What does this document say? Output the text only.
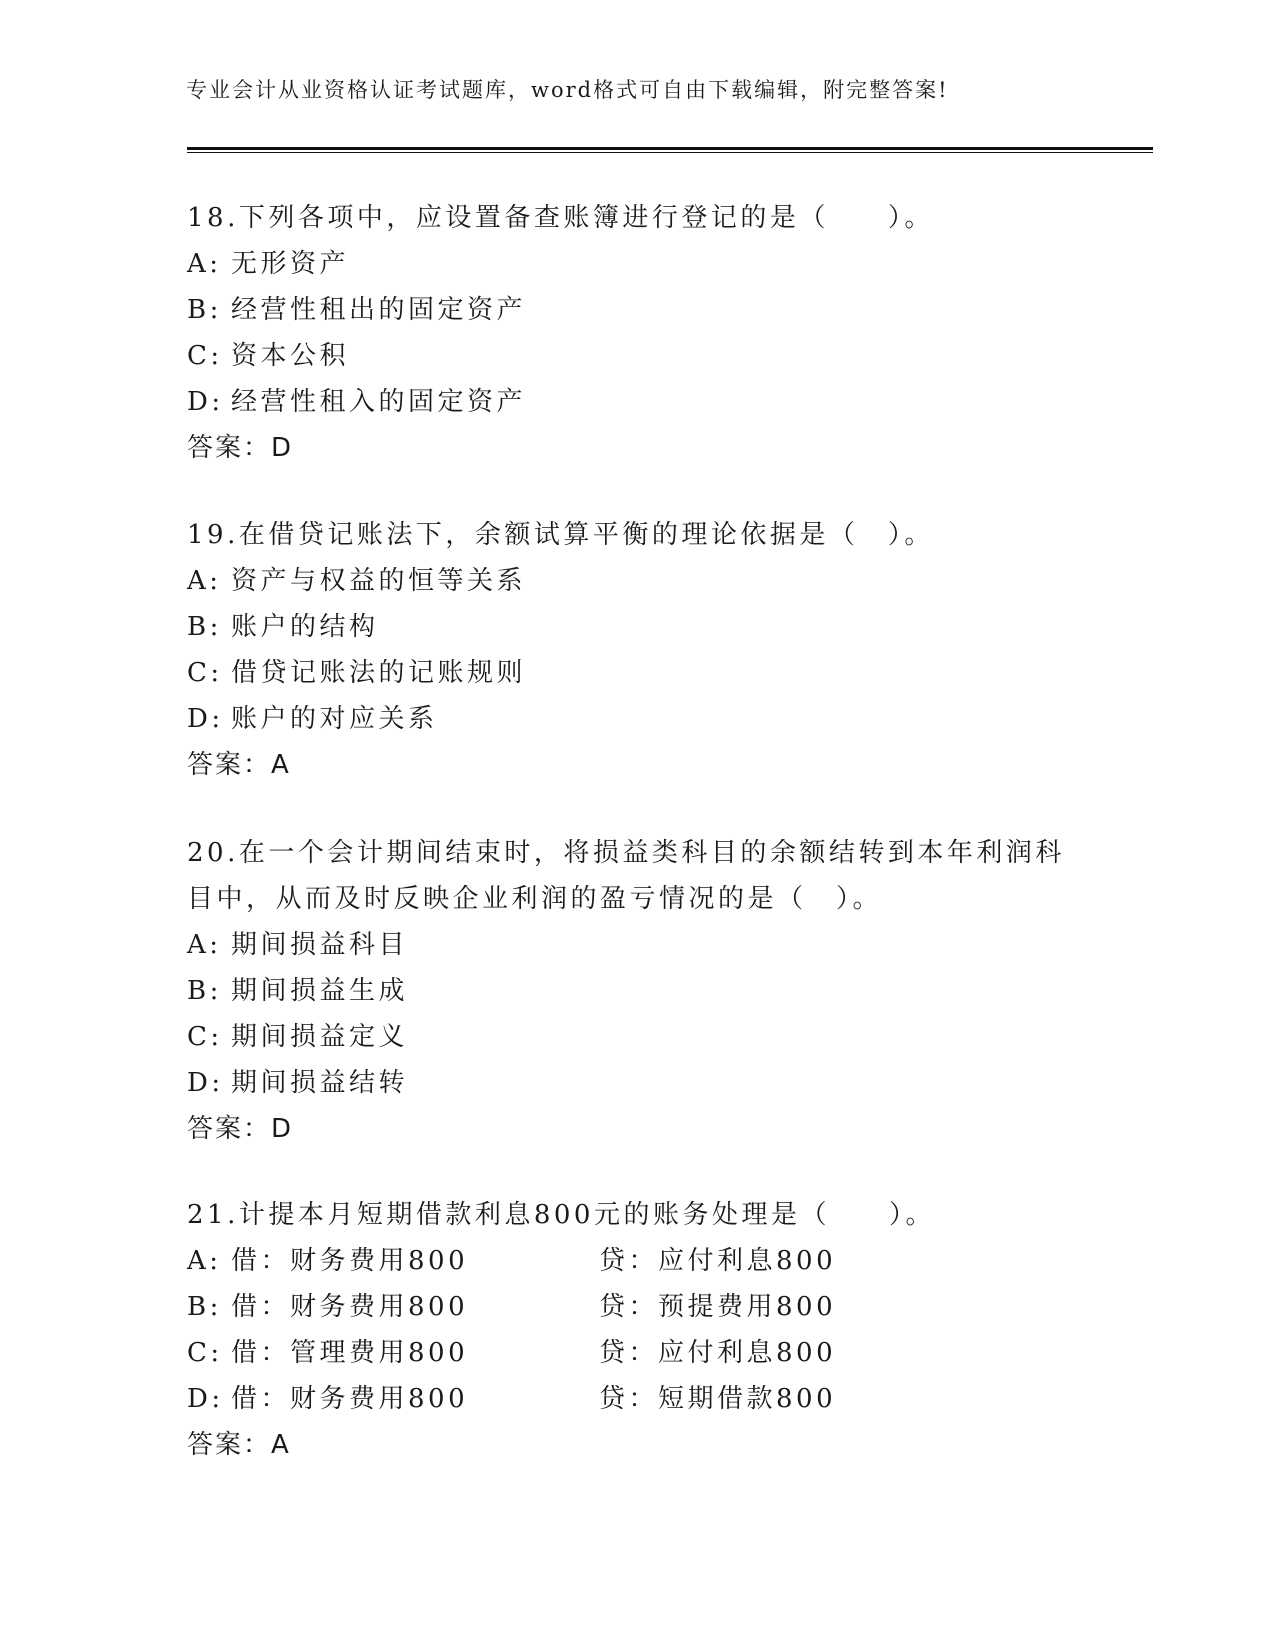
专业会计从业资格认证考试题库，word格式可自由下载编辑，附完整答案!
18.下列各项中，应设置备查账簿进行登记的是（　　）。
A: 无形资产
B: 经营性租出的固定资产
C: 资本公积
D: 经营性租入的固定资产
答案：D
19.在借贷记账法下，余额试算平衡的理论依据是（　）。
A: 资产与权益的恒等关系
B: 账户的结构
C: 借贷记账法的记账规则
D: 账户的对应关系
答案：A
20.在一个会计期间结束时，将损益类科目的余额结转到本年利润科目中，从而及时反映企业利润的盈亏情况的是（　）。
A: 期间损益科目
B: 期间损益生成
C: 期间损益定义
D: 期间损益结转
答案：D
21.计提本月短期借款利息800元的账务处理是（　　）。
A: 借：财务费用800	贷：应付利息800
B: 借：财务费用800	贷：预提费用800
C: 借：管理费用800	贷：应付利息800
D: 借：财务费用800	贷：短期借款800
答案：A
